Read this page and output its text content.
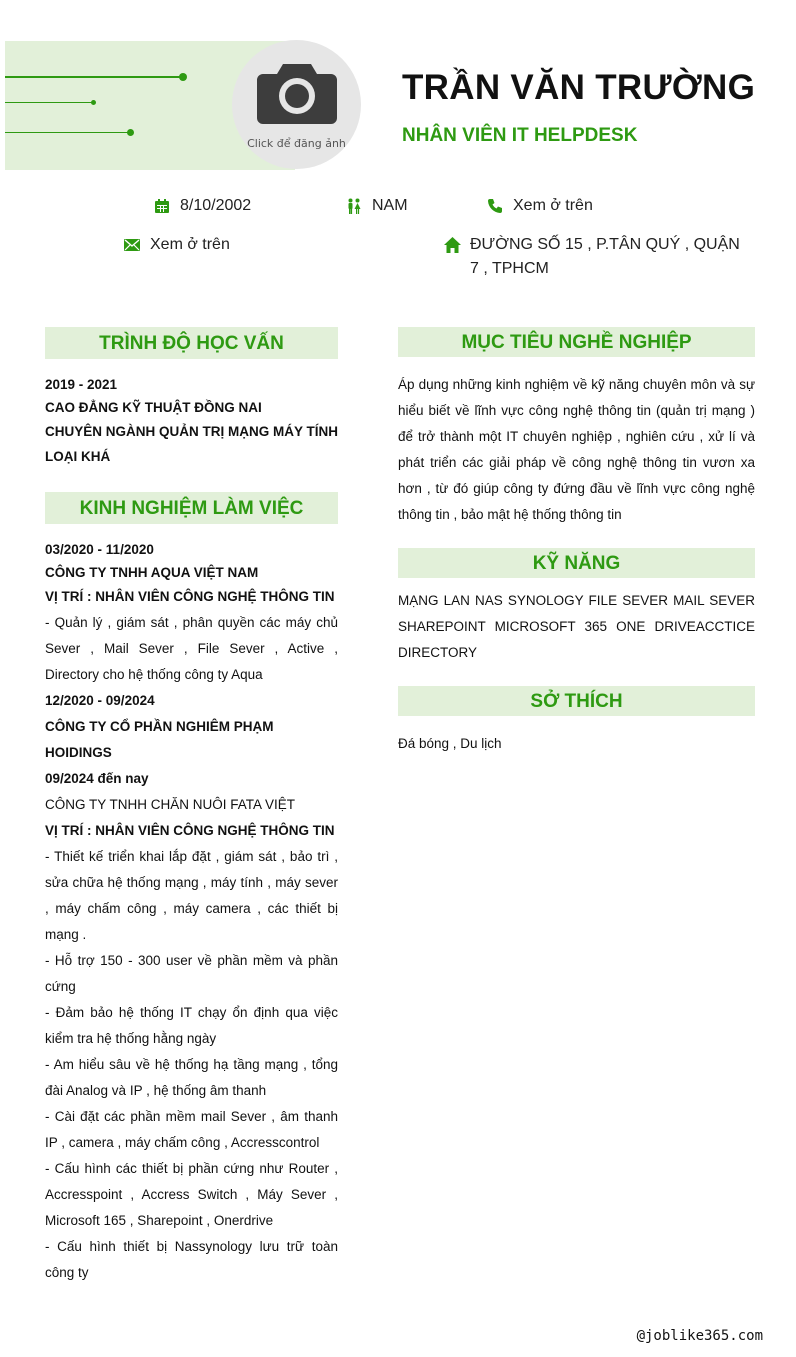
Click để đăng ảnh
TRẦN VĂN TRƯỜNG
NHÂN VIÊN IT HELPDESK
8/10/2002	NAM	Xem ở trên
Xem ở trên	ĐƯỜNG SỐ 15 , P.TÂN QUÝ , QUẬN 7 , TPHCM
TRÌNH ĐỘ HỌC VẤN
2019 - 2021
CAO ĐẲNG KỸ THUẬT ĐỒNG NAI
CHUYÊN NGÀNH QUẢN TRỊ MẠNG MÁY TÍNH
LOẠI KHÁ
KINH NGHIỆM LÀM VIỆC
03/2020 - 11/2020
CÔNG TY TNHH AQUA VIỆT NAM
VỊ TRÍ : NHÂN VIÊN CÔNG NGHỆ THÔNG TIN
- Quản lý , giám sát , phân quyền các máy chủ Sever , Mail Sever , File Sever , Active , Directory cho hệ thống công ty Aqua
12/2020 - 09/2024
CÔNG TY CỔ PHẦN NGHIÊM PHẠM HOIDINGS
09/2024 đến nay
CÔNG TY TNHH CHĂN NUÔI FATA VIỆT
VỊ TRÍ : NHÂN VIÊN CÔNG NGHỆ THÔNG TIN
- Thiết kế triển khai lắp đặt , giám sát , bảo trì , sửa chữa hệ thống mạng , máy tính , máy sever , máy chấm công , máy camera , các thiết bị mạng .
- Hỗ trợ 150 - 300 user về phần mềm và phần cứng
- Đảm bảo hệ thống IT chạy ổn định qua việc kiểm tra hệ thống hằng ngày
- Am hiểu sâu về hệ thống hạ tầng mạng , tổng đài Analog và IP , hệ thống âm thanh
- Cài đặt các phần mềm mail Sever , âm thanh IP , camera , máy chấm công , Accresscontrol
- Cấu hình các thiết bị phần cứng như Router , Accresspoint , Accress Switch , Máy Sever , Microsoft 165 , Sharepoint , Onerdrive
- Cấu hình thiết bị Nassynology lưu trữ toàn công ty
MỤC TIÊU NGHỀ NGHIỆP
Áp dụng những kinh nghiệm về kỹ năng chuyên môn và sự hiểu biết về lĩnh vực công nghệ thông tin (quản trị mạng ) để trở thành một IT chuyên nghiệp , nghiên cứu , xử lí và phát triển các giải pháp về công nghệ thông tin vươn xa hơn , từ đó giúp công ty đứng đầu về lĩnh vực công nghệ thông tin , bảo mật hệ thống thông tin
KỸ NĂNG
MẠNG LAN NAS SYNOLOGY FILE SEVER MAIL SEVER SHAREPOINT MICROSOFT 365 ONE DRIVEACCTICE DIRECTORY
SỞ THÍCH
Đá bóng , Du lịch
@joblike365.com
